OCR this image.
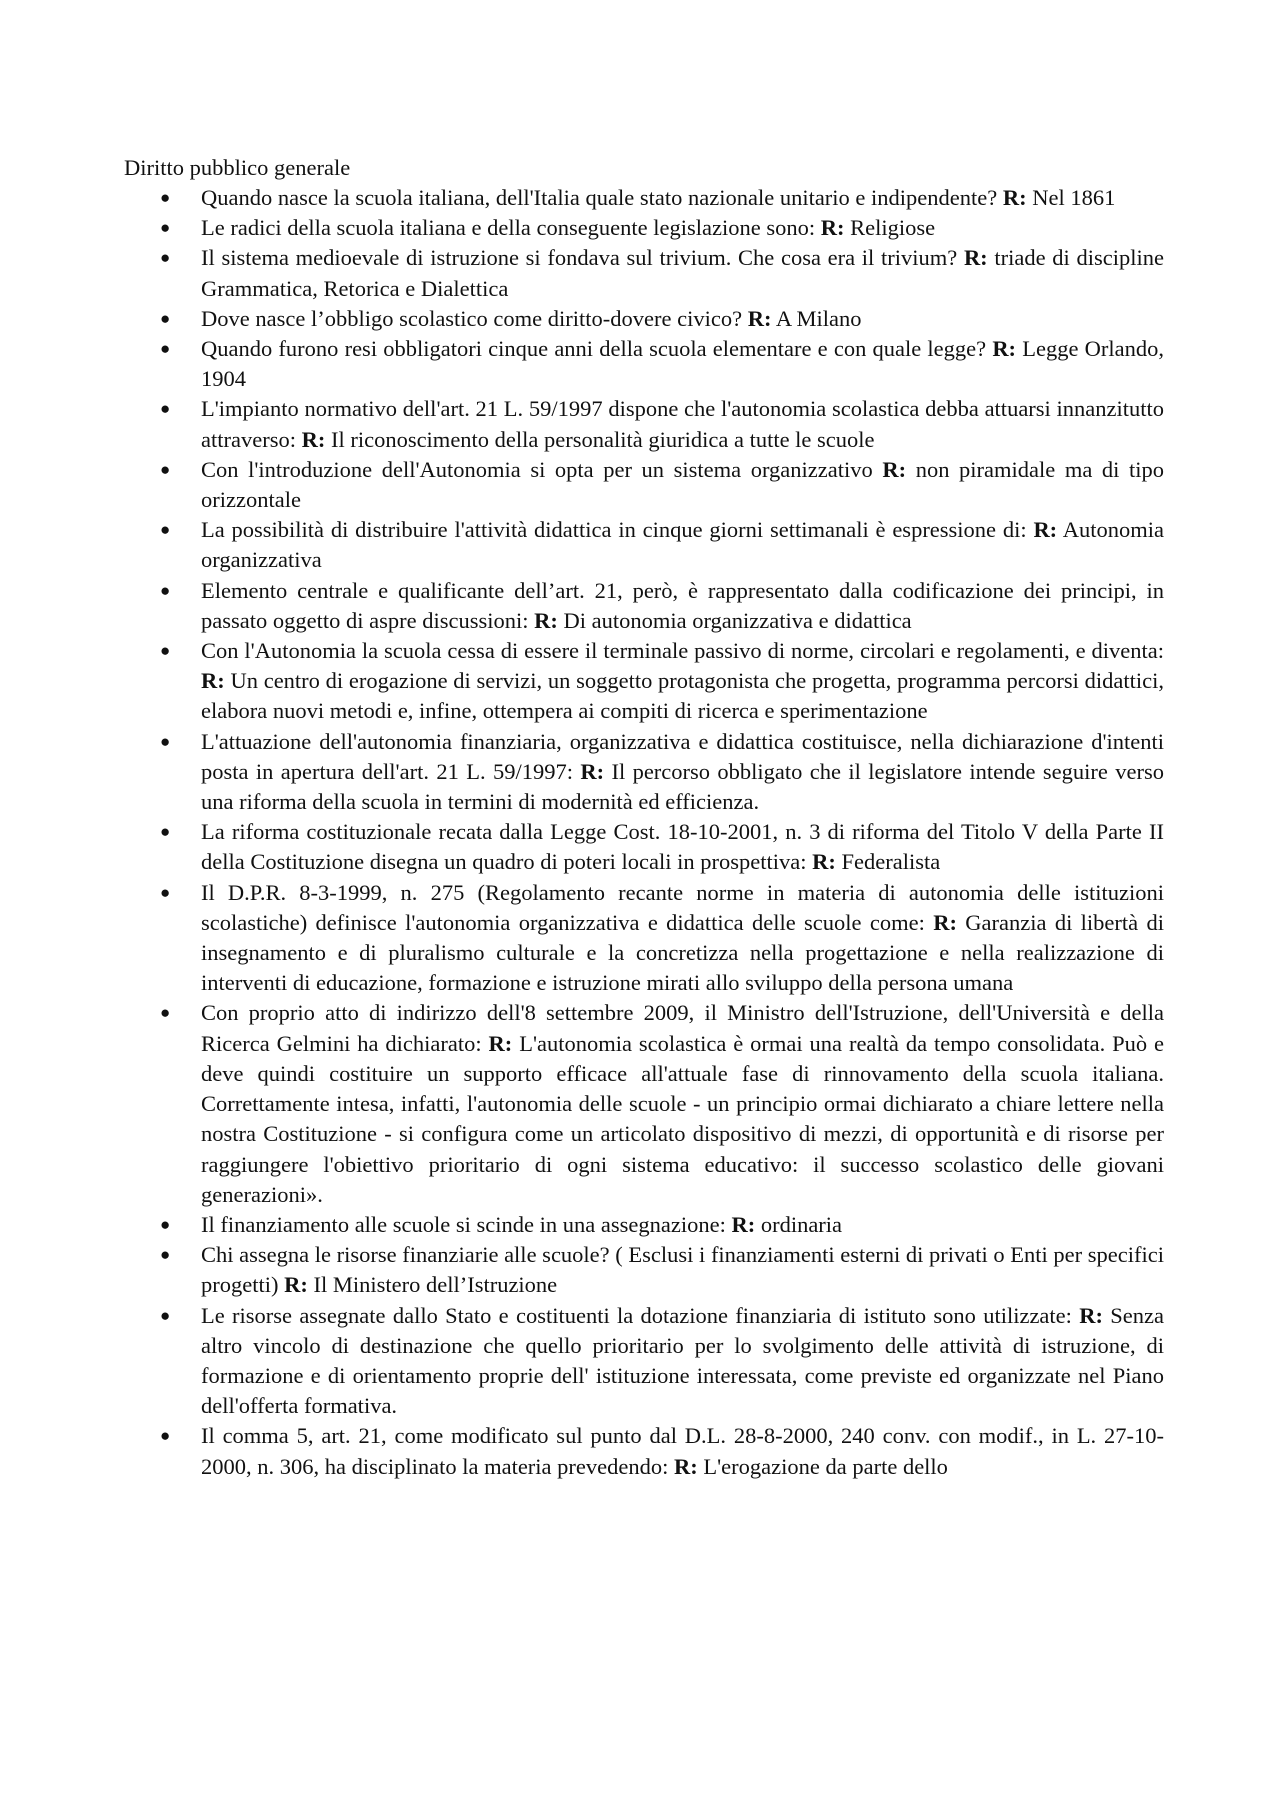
Diritto pubblico generale
● Quando nasce la scuola italiana, dell'Italia quale stato nazionale unitario e indipendente? R: Nel 1861
● Le radici della scuola italiana e della conseguente legislazione sono: R: Religiose
● Il sistema medioevale di istruzione si fondava sul trivium. Che cosa era il trivium? R: triade di discipline Grammatica, Retorica e Dialettica
● Dove nasce l’obbligo scolastico come diritto-dovere civico? R: A Milano
● Quando furono resi obbligatori cinque anni della scuola elementare e con quale legge? R: Legge Orlando, 1904
● L'impianto normativo dell'art. 21 L. 59/1997 dispone che l'autonomia scolastica debba attuarsi innanzitutto attraverso: R: Il riconoscimento della personalità giuridica a tutte le scuole
● Con l'introduzione dell'Autonomia si opta per un sistema organizzativo R: non piramidale ma di tipo orizzontale
● La possibilità di distribuire l'attività didattica in cinque giorni settimanali è espressione di: R: Autonomia organizzativa
● Elemento centrale e qualificante dell’art. 21, però, è rappresentato dalla codificazione dei principi, in passato oggetto di aspre discussioni: R: Di autonomia organizzativa e didattica
● Con l'Autonomia la scuola cessa di essere il terminale passivo di norme, circolari e regolamenti, e diventa: R: Un centro di erogazione di servizi, un soggetto protagonista che progetta, programma percorsi didattici, elabora nuovi metodi e, infine, ottempera ai compiti di ricerca e sperimentazione
● L'attuazione dell'autonomia finanziaria, organizzativa e didattica costituisce, nella dichiarazione d'intenti posta in apertura dell'art. 21 L. 59/1997: R: Il percorso obbligato che il legislatore intende seguire verso una riforma della scuola in termini di modernità ed efficienza.
● La riforma costituzionale recata dalla Legge Cost. 18-10-2001, n. 3 di riforma del Titolo V della Parte II della Costituzione disegna un quadro di poteri locali in prospettiva: R: Federalista
● Il D.P.R. 8-3-1999, n. 275 (Regolamento recante norme in materia di autonomia delle istituzioni scolastiche) definisce l'autonomia organizzativa e didattica delle scuole come: R: Garanzia di libertà di insegnamento e di pluralismo culturale e la concretizza nella progettazione e nella realizzazione di interventi di educazione, formazione e istruzione mirati allo sviluppo della persona umana
● Con proprio atto di indirizzo dell'8 settembre 2009, il Ministro dell'Istruzione, dell'Università e della Ricerca Gelmini ha dichiarato: R: L'autonomia scolastica è ormai una realtà da tempo consolidata. Può e deve quindi costituire un supporto efficace all'attuale fase di rinnovamento della scuola italiana. Correttamente intesa, infatti, l'autonomia delle scuole - un principio ormai dichiarato a chiare lettere nella nostra Costituzione - si configura come un articolato dispositivo di mezzi, di opportunità e di risorse per raggiungere l'obiettivo prioritario di ogni sistema educativo: il successo scolastico delle giovani generazioni».
● Il finanziamento alle scuole si scinde in una assegnazione: R: ordinaria
● Chi assegna le risorse finanziarie alle scuole? ( Esclusi i finanziamenti esterni di privati o Enti per specifici progetti) R: Il Ministero dell’Istruzione
● Le risorse assegnate dallo Stato e costituenti la dotazione finanziaria di istituto sono utilizzate: R: Senza altro vincolo di destinazione che quello prioritario per lo svolgimento delle attività di istruzione, di formazione e di orientamento proprie dell' istituzione interessata, come previste ed organizzate nel Piano dell'offerta formativa.
● Il comma 5, art. 21, come modificato sul punto dal D.L. 28-8-2000, 240 conv. con modif., in L. 27-10-2000, n. 306, ha disciplinato la materia prevedendo: R: L'erogazione da parte dello
